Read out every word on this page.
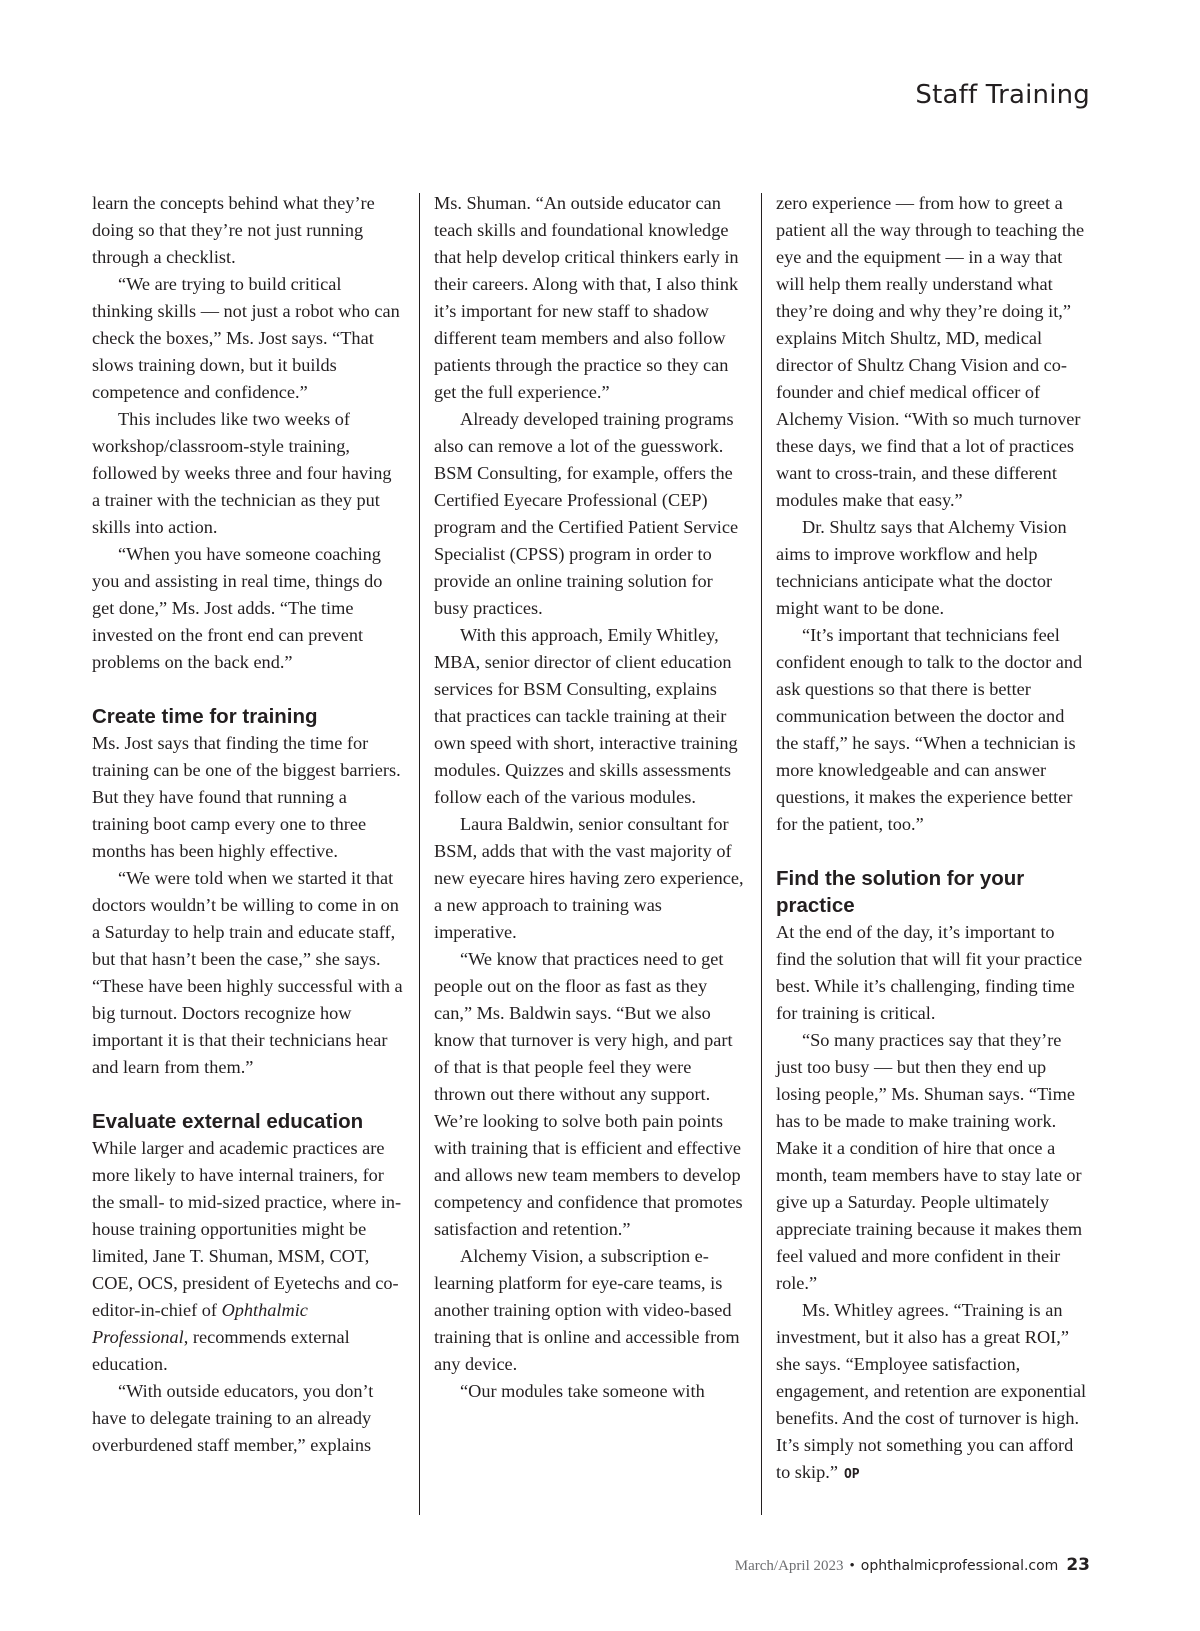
Staff Training

learn the concepts behind what they’re doing so that they’re not just running through a checklist.

“We are trying to build critical thinking skills — not just a robot who can check the boxes,” Ms. Jost says. “That slows training down, but it builds competence and confidence.”

This includes like two weeks of workshop/classroom-style training, followed by weeks three and four having a trainer with the technician as they put skills into action.

“When you have someone coaching you and assisting in real time, things do get done,” Ms. Jost adds. “The time invested on the front end can prevent problems on the back end.”

Create time for training

Ms. Jost says that finding the time for training can be one of the biggest barriers. But they have found that running a training boot camp every one to three months has been highly effective.

“We were told when we started it that doctors wouldn’t be willing to come in on a Saturday to help train and educate staff, but that hasn’t been the case,” she says. “These have been highly successful with a big turnout. Doctors recognize how important it is that their technicians hear and learn from them.”

Evaluate external education

While larger and academic practices are more likely to have internal trainers, for the small- to mid-sized practice, where in-house training opportunities might be limited, Jane T. Shuman, MSM, COT, COE, OCS, president of Eyetechs and co-editor-in-chief of Ophthalmic Professional, recommends external education.

“With outside educators, you don’t have to delegate training to an already overburdened staff member,” explains

Ms. Shuman. “An outside educator can teach skills and foundational knowledge that help develop critical thinkers early in their careers. Along with that, I also think it’s important for new staff to shadow different team members and also follow patients through the practice so they can get the full experience.”

Already developed training programs also can remove a lot of the guesswork. BSM Consulting, for example, offers the Certified Eyecare Professional (CEP) program and the Certified Patient Service Specialist (CPSS) program in order to provide an online training solution for busy practices.

With this approach, Emily Whitley, MBA, senior director of client education services for BSM Consulting, explains that practices can tackle training at their own speed with short, interactive training modules. Quizzes and skills assessments follow each of the various modules.

Laura Baldwin, senior consultant for BSM, adds that with the vast majority of new eyecare hires having zero experience, a new approach to training was imperative.

“We know that practices need to get people out on the floor as fast as they can,” Ms. Baldwin says. “But we also know that turnover is very high, and part of that is that people feel they were thrown out there without any support. We’re looking to solve both pain points with training that is efficient and effective and allows new team members to develop competency and confidence that promotes satisfaction and retention.”

Alchemy Vision, a subscription e-learning platform for eye-care teams, is another training option with video-based training that is online and accessible from any device.

“Our modules take someone with

zero experience — from how to greet a patient all the way through to teaching the eye and the equipment — in a way that will help them really understand what they’re doing and why they’re doing it,” explains Mitch Shultz, MD, medical director of Shultz Chang Vision and co-founder and chief medical officer of Alchemy Vision. “With so much turnover these days, we find that a lot of practices want to cross-train, and these different modules make that easy.”

Dr. Shultz says that Alchemy Vision aims to improve workflow and help technicians anticipate what the doctor might want to be done.

“It’s important that technicians feel confident enough to talk to the doctor and ask questions so that there is better communication between the doctor and the staff,” he says. “When a technician is more knowledgeable and can answer questions, it makes the experience better for the patient, too.”

Find the solution for your practice

At the end of the day, it’s important to find the solution that will fit your practice best. While it’s challenging, finding time for training is critical.

“So many practices say that they’re just too busy — but then they end up losing people,” Ms. Shuman says. “Time has to be made to make training work. Make it a condition of hire that once a month, team members have to stay late or give up a Saturday. People ultimately appreciate training because it makes them feel valued and more confident in their role.”

Ms. Whitley agrees. “Training is an investment, but it also has a great ROI,” she says. “Employee satisfaction, engagement, and retention are exponential benefits. And the cost of turnover is high. It’s simply not something you can afford to skip.” OP

March/April 2023 • ophthalmicprofessional.com 23
